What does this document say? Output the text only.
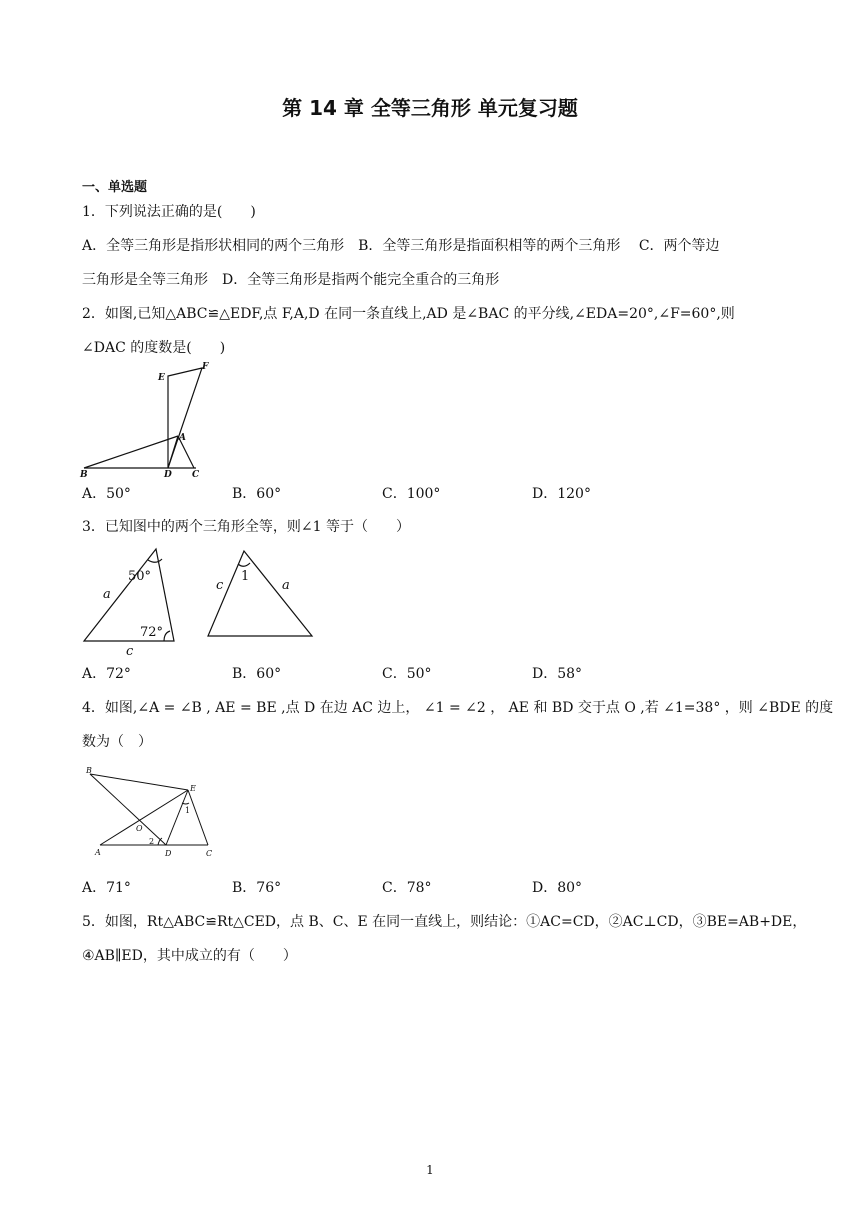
第 14 章 全等三角形 单元复习题
一、单选题
1．下列说法正确的是(　　)
A．全等三角形是指形状相同的两个三角形　B．全等三角形是指面积相等的两个三角形　 C．两个等边
三角形是全等三角形　D．全等三角形是指两个能完全重合的三角形
2．如图,已知△ABC≌△EDF,点 F,A,D 在同一条直线上,AD 是∠BAC 的平分线,∠EDA=20°,∠F=60°,则
∠DAC 的度数是(　　)
E
F
A
B	D C
A．50°	B．60°	C．100°	D．120°
3．已知图中的两个三角形全等，则∠1 等于（　　）
50°
72°
1
a
c
c	a
A．72°	B．60°	C．50°	D．58°
4．如图,∠A = ∠B , AE = BE ,点 D 在边 AC 边上， ∠1 = ∠2 ， AE 和 BD 交于点 O ,若 ∠1=38° ，则 ∠BDE 的度
数为（　）
B
E
O
A	D	C
1
2
A．71°	B．76°	C．78°	D．80°
5．如图，Rt△ABC≌Rt△CED，点 B、C、E 在同一直线上，则结论：①AC=CD，②AC⊥CD，③BE=AB+DE，
④AB∥ED，其中成立的有（　　）
1
